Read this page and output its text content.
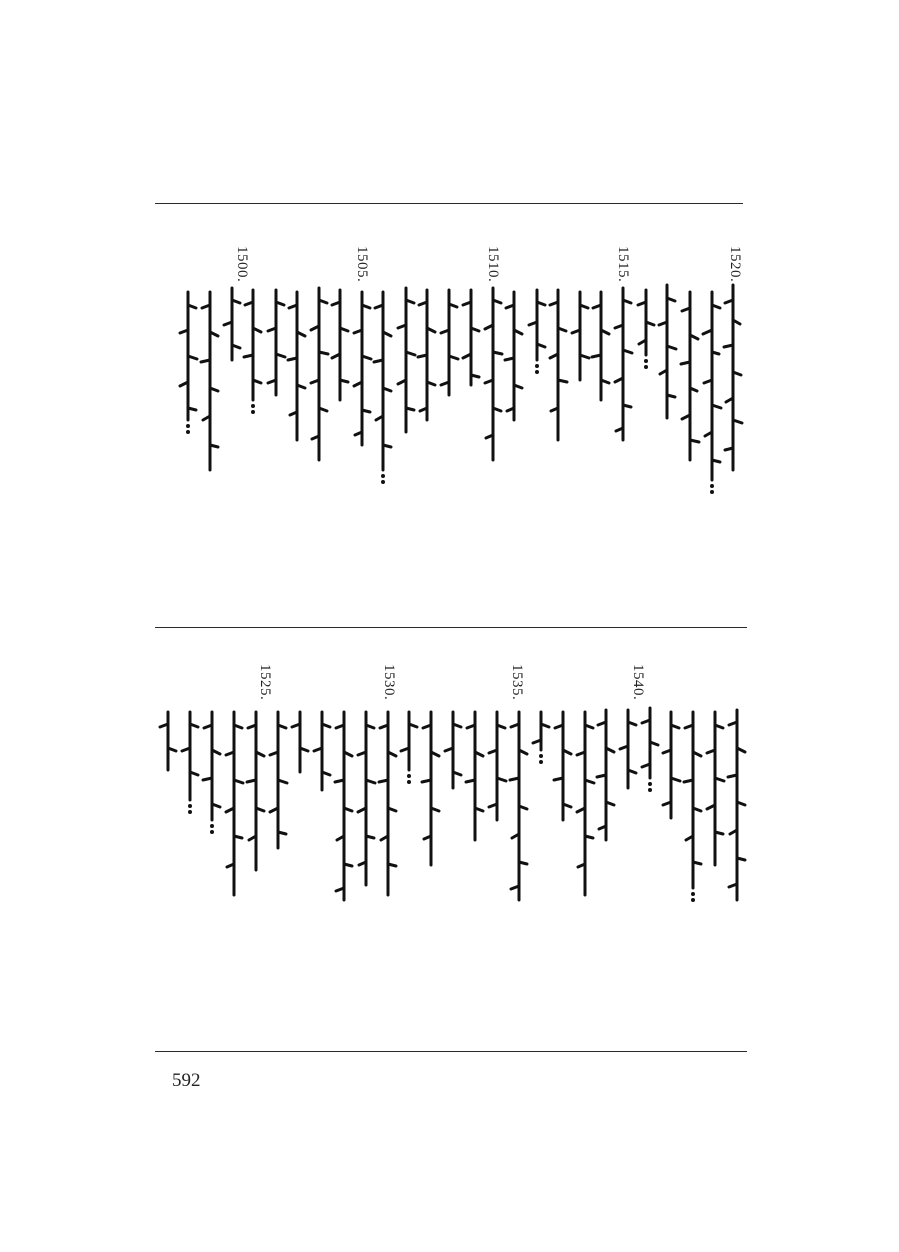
1520.
1515.
1510.
1505.
1500.
1540.
1535.
1530.
1525.
592
